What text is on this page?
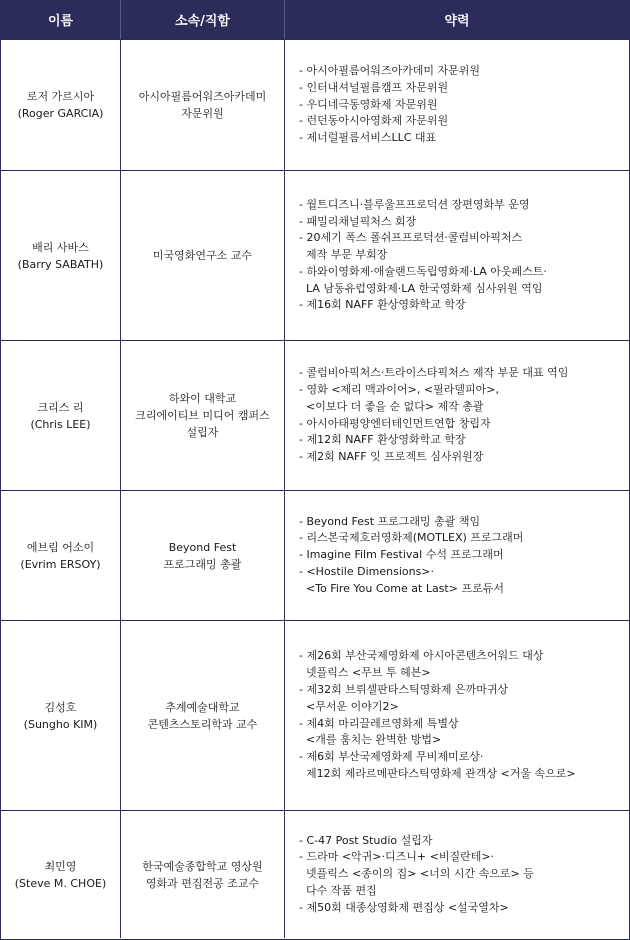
이름	소속/직함	약력
로저 가르시아
(Roger GARCIA)
아시아필름어워즈아카데미
자문위원
- 아시아필름어워즈아카데미 자문위원
- 인터내셔널필름캠프 자문위원
- 우디네극동영화제 자문위원
- 런던동아시아영화제 자문위원
- 제너럴필름서비스LLC 대표
배리 사바스
(Barry SABATH)
미국영화연구소 교수
- 월트디즈니·블루울프프로덕션 장편영화부 운영
- 패밀리채널픽처스 회장
- 20세기 폭스 폴쉬프프로덕션·콜럼비아픽처스
제작 부문 부회장
- 하와이영화제·애슐랜드독립영화제·LA 아웃페스트·
LA 남동유럽영화제·LA 한국영화제 심사위원 역임
- 제16회 NAFF 환상영화학교 학장
크리스 리
(Chris LEE)
하와이 대학교
크리에이티브 미디어 캠퍼스
설립자
- 콜럼비아픽처스·트라이스타픽처스 제작 부문 대표 역임
- 영화 <제리 맥과이어>, <필라델피아>,
<이보다 더 좋을 순 없다> 제작 총괄
- 아시아태평양엔터테인먼트연합 창립자
- 제12회 NAFF 환상영화학교 학장
- 제2회 NAFF 잇 프로젝트 심사위원장
에브림 어소이
(Evrim ERSOY)
Beyond Fest
프로그래밍 총괄
- Beyond Fest 프로그래밍 총괄 책임
- 리스본국제호러영화제(MOTLEX) 프로그래머
- Imagine Film Festival 수석 프로그래머
- <Hostile Dimensions>·
<To Fire You Come at Last> 프로듀서
김성호
(Sungho KIM)
추계예술대학교
콘텐츠스토리학과 교수
- 제26회 부산국제영화제 아시아콘텐츠어워드 대상
넷플릭스 <무브 투 헤븐>
- 제32회 브뤼셀판타스틱영화제 은까마귀상
<무서운 이야기2>
- 제4회 마리끌레르영화제 특별상
<개를 훔치는 완벽한 방법>
- 제6회 부산국제영화제 무비제미로상·
제12회 제라르메판타스틱영화제 관객상 <거울 속으로>
최민영
(Steve M. CHOE)
한국예술종합학교 영상원
영화과 편집전공 조교수
- C-47 Post Studio 설립자
- 드라마 <악귀>·디즈니+ <비질란테>·
넷플릭스 <종이의 집> <너의 시간 속으로> 등
다수 작품 편집
- 제50회 대종상영화제 편집상 <설국열차>
